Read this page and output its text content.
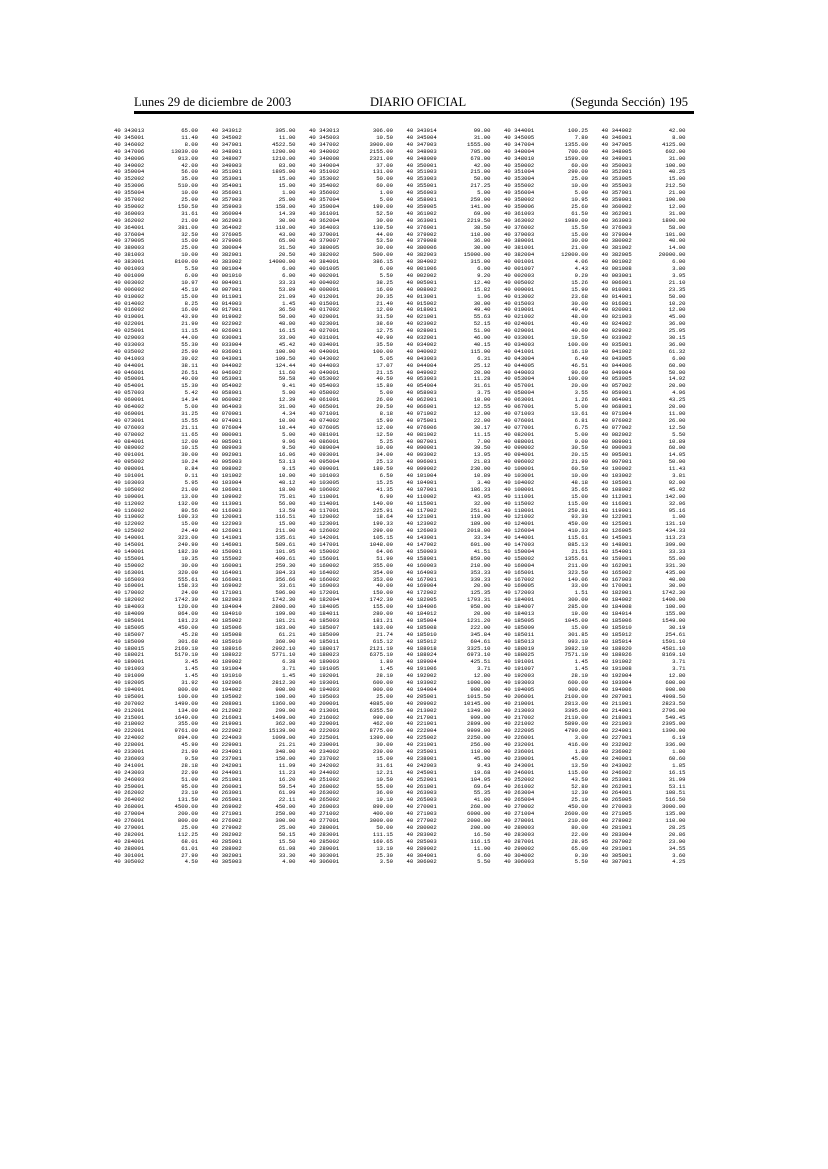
Lunes 29 de diciembre de 2003	DIARIO OFICIAL	(Segunda Sección) 195
40 343013	65.00 40 343012	305.00 40 343013	306.00 40 343014	99.00 40 344001	100.25 40 344002	42.00
40 345001	11.40 40 345002	11.00 40 345003	10.50 40 345004	31.00 40 345005	7.80 40 346001	8.00
40 346002	8.00 40 347001	4522.50 40 347002	3900.00 40 347003	1555.00 40 347004	1355.00 40 347005	4125.00
40 347006	13039.00 40 348001	1200.00 40 348002	2155.00 40 348003	705.00 40 348004	700.00 40 348005	692.00
40 348006	913.00 40 348007	1210.00 40 348008	2321.00 40 348009	678.00 40 348010	1590.00 40 349001	31.00
40 349002	42.00 40 349003	83.00 40 349004	37.00 40 350001	42.00 40 350002	60.00 40 350003	100.00
40 350004	56.00 40 351001	1895.00 40 351002	131.00 40 351003	215.00 40 351004	299.00 40 352001	40.25
40 352002	35.00 40 353001	15.00 40 353002	50.00 40 353003	50.00 40 353004	25.00 40 353005	15.00
40 353006	510.00 40 354001	15.00 40 354002	60.00 40 355001	217.25 40 355002	10.00 40 355003	212.50
40 355004	10.00 40 356001	1.00 40 356002	1.00 40 356003	5.00 40 356004	5.00 40 357001	21.00
40 357002	25.00 40 357003	25.00 40 357004	5.00 40 358001	259.00 40 358002	10.95 40 359001	190.00
40 359002	150.50 40 359003	158.00 40 359004	199.00 40 359005	141.00 40 359006	25.60 40 360002	12.00
40 360003	31.61 40 360004	14.39 40 361001	52.50 40 361002	69.00 40 361003	61.50 40 362001	31.00
40 362002	21.00 40 362003	30.00 40 362004	30.00 40 363001	2219.50 40 363002	1980.00 40 363003	1800.00
40 364001	381.00 40 364002	110.00 40 364003	139.50 40 376001	38.50 40 376002	15.50 40 376003	58.00
40 376004	32.50 40 376005	43.00 40 379001	44.00 40 379002	110.00 40 379003	15.00 40 379004	101.00
40 379005	15.00 40 379006	65.00 40 379007	53.50 40 379008	36.00 40 380001	30.00 40 380002	40.00
40 380003	25.00 40 380004	31.50 40 380005	30.00 40 380006	30.00 40 381001	21.00 40 381002	14.00
40 381003	10.00 40 382001	20.50 40 382002	500.00 40 382003	15000.00 40 382004	12000.00 40 382005	20000.00
40 383001	8100.00 40 383002	14000.00 40 384001	386.15 40 384002	315.00 40 001001	4.06 40 001002	6.00
40 001003	5.50 40 001004	6.00 40 001005	6.00 40 001006	6.00 40 001007	4.43 40 001008	3.80
40 001009	6.00 40 001010	6.00 40 002001	5.59 40 002002	9.20 40 002003	9.20 40 003001	3.95
40 003002	10.97 40 004001	33.33 40 004002	38.25 40 005001	12.40 40 005002	15.26 40 006001	21.10
40 006002	45.19 40 007001	53.89 40 008001	16.00 40 008002	15.82 40 009001	15.90 40 010001	23.35
40 010002	15.00 40 011001	21.09 40 012001	20.35 40 013001	1.96 40 013002	23.68 40 014001	50.00
40 014002	8.25 40 014003	1.45 40 015001	21.40 40 015002	30.00 40 015003	30.00 40 016001	10.20
40 016002	16.00 40 017001	36.50 40 017002	12.00 40 018001	49.40 40 019001	49.40 40 020001	12.00
40 019001	43.90 40 019002	50.00 40 020001	31.50 40 021001	55.63 40 021002	48.00 40 021003	45.00
40 022001	21.90 40 022002	48.00 40 023001	38.60 40 023002	52.15 40 024001	40.40 40 024002	36.00
40 025001	11.15 40 026001	16.15 40 027001	12.75 40 028001	51.90 40 029001	40.00 40 029002	25.95
40 029003	44.00 40 030001	33.90 40 031001	49.90 40 032001	46.90 40 033001	19.59 40 033002	30.15
40 033003	55.30 40 033004	45.42 40 034001	35.50 40 034002	40.15 40 034003	100.00 40 035001	36.00
40 035002	25.90 40 036001	100.00 40 040001	100.00 40 040002	115.90 40 041001	16.10 40 041002	61.32
40 041003	39.02 40 043001	109.50 40 043002	5.05 40 043003	6.31 40 043004	6.40 40 043005	6.00
40 044001	38.11 40 044002	124.44 40 044003	17.07 40 044004	25.12 40 044005	46.51 40 044006	60.00
40 046001	26.51 40 046002	11.60 40 049001	21.15 40 049002	20.00 40 049003	90.69 40 049004	50.00
40 050001	40.00 40 053001	59.58 40 053002	40.59 40 053003	11.28 40 053004	100.00 40 053005	14.92
40 054001	15.30 40 054002	9.41 40 054003	15.80 40 054004	31.61 40 057001	20.00 40 057002	20.00
40 057003	5.42 40 058001	5.00 40 058002	5.00 40 058003	3.75 40 058004	3.55 40 059001	4.96
40 060001	14.34 40 060002	12.39 40 061001	26.00 40 062001	10.00 40 063001	1.26 40 064001	43.25
40 064002	5.00 40 064003	31.90 40 065001	29.50 40 066001	12.55 40 067001	5.00 40 068001	20.00
40 069001	31.25 40 070001	4.34 40 071001	8.18 40 071002	12.00 40 071003	13.61 40 071004	11.00
40 073001	15.55 40 074001	10.00 40 074002	15.99 40 075001	22.00 40 076001	6.81 40 076002	26.00
40 076003	21.11 40 076004	10.44 40 076005	12.00 40 076006	30.17 40 077001	6.75 40 077002	12.50
40 078002	11.65 40 080001	5.00 40 081001	12.50 40 081002	11.15 40 082001	5.00 40 082002	5.50
40 084001	12.00 40 085001	9.96 40 086001	5.25 40 087001	7.00 40 088001	9.00 40 089001	10.89
40 089002	10.15 40 089003	9.50 40 089004	10.00 40 090001	39.50 40 090002	30.50 40 090003	60.00
40 091001	39.00 40 092001	16.06 40 093001	34.00 40 093002	13.95 40 094001	20.15 40 095001	14.05
40 095002	10.24 40 095003	53.13 40 095004	25.13 40 096001	21.83 40 096002	21.90 40 097001	50.00
40 098001	8.84 40 098002	9.15 40 099001	189.50 40 099002	230.00 40 100001	60.50 40 100002	11.43
40 101001	9.11 40 101002	10.00 40 101003	6.50 40 101004	10.89 40 103001	10.00 40 103002	3.81
40 103003	5.95 40 103004	48.12 40 103005	15.25 40 104001	3.40 40 104002	48.18 40 105001	92.00
40 105002	21.00 40 106001	18.00 40 106002	41.35 40 107001	186.33 40 108001	35.65 40 108002	45.92
40 109001	13.00 40 109002	75.81 40 110001	6.90 40 110002	43.95 40 111001	15.00 40 112001	142.00
40 112002	132.00 40 113001	56.00 40 114001	140.00 40 115001	32.00 40 115002	115.00 40 116001	32.06
40 116002	80.56 40 116003	13.59 40 117001	225.91 40 117002	251.43 40 118001	259.81 40 119001	95.16
40 119002	109.33 40 120001	116.51 40 120002	18.64 40 121001	119.00 40 121002	93.30 40 122001	1.00
40 122002	15.00 40 122003	15.00 40 123001	199.33 40 123002	189.00 40 124001	459.00 40 125001	131.10
40 125002	24.40 40 126001	211.00 40 126002	299.00 40 126003	2018.00 40 126004	410.33 40 126005	434.33
40 140001	323.00 40 141001	135.61 40 142001	105.15 40 143001	33.34 40 144001	115.61 40 145001	113.23
40 145001	249.90 40 146001	589.61 40 147001	1048.00 40 147002	691.00 40 147003	885.13 40 148001	399.00
40 149001	182.30 40 150001	101.95 40 150002	64.06 40 150003	41.51 40 150004	21.51 40 154001	33.33
40 155001	19.35 40 155002	499.61 40 156001	51.90 40 158001	859.00 40 158002	1355.61 40 159001	55.00
40 159002	30.00 40 160001	259.30 40 160002	355.00 40 160003	210.00 40 160004	211.00 40 162001	331.30
40 163001	320.00 40 164001	384.33 40 164002	354.00 40 164003	353.33 40 165001	323.50 40 165002	435.00
40 165003	555.61 40 166001	356.66 40 166002	353.00 40 167001	339.33 40 167002	140.06 40 167003	40.00
40 169001	158.33 40 169002	33.61 40 169003	40.00 40 169004	20.00 40 169005	33.00 40 170001	30.00
40 170002	24.00 40 171001	596.00 40 172001	150.00 40 172002	125.35 40 172003	1.51 40 182001	1742.30
40 182002	1742.30 40 182003	1742.30 40 182004	1742.30 40 182005	1793.31 40 184001	300.00 40 184002	1400.00
40 184003	120.00 40 184004	2800.00 40 184005	155.00 40 184006	950.00 40 184007	285.00 40 184008	100.00
40 184009	864.00 40 184010	199.00 40 184011	280.00 40 184012	20.00 40 184013	19.00 40 184014	155.00
40 185001	181.23 40 185002	181.21 40 185003	181.21 40 185004	1231.20 40 185005	1045.00 40 185006	1549.00
40 185005	450.00 40 185006	183.00 40 185007	183.00 40 185008	222.00 40 185009	15.09 40 185010	30.19
40 185007	45.28 40 185008	61.21 40 185009	21.74 40 185010	345.84 40 185011	301.85 40 185012	254.61
40 185009	301.68 40 185010	360.90 40 185011	615.12 40 185012	604.61 40 185013	993.10 40 185014	1591.10
40 188015	2169.10 40 188016	2992.10 40 188017	2121.10 40 188018	3325.10 40 188019	3982.10 40 188020	4581.10
40 188021	5179.10 40 188022	5771.10 40 188023	6375.10 40 188024	6973.10 40 188025	7571.10 40 188026	8169.10
40 189001	3.45 40 189002	6.38 40 189003	1.80 40 189004	425.51 40 191001	1.45 40 191002	3.71
40 191003	1.45 40 191004	3.71 40 191005	1.45 40 191006	3.71 40 191007	1.45 40 191008	3.71
40 191009	1.45 40 191010	1.45 40 192001	28.10 40 192002	12.80 40 192003	28.10 40 192004	12.80
40 192005	31.92 40 192006	2812.30 40 193001	600.00 40 193002	1000.00 40 193003	600.00 40 193004	600.00
40 194001	800.00 40 194002	900.00 40 194003	900.00 40 194004	900.00 40 194005	900.00 40 194006	900.00
40 195001	100.00 40 195002	100.00 40 195003	25.00 40 205001	1015.50 40 206001	2100.00 40 207001	4998.50
40 207002	1499.00 40 208001	1360.00 40 209001	4885.00 40 209002	10145.00 40 210001	2813.00 40 211001	2823.50
40 212001	134.00 40 212002	299.00 40 213001	6355.50 40 213002	1349.00 40 213003	3395.00 40 214001	2796.00
40 215001	1649.00 40 216001	1499.00 40 216002	999.00 40 217001	999.00 40 217002	2110.00 40 218001	549.45
40 218002	355.00 40 219001	362.00 40 220001	462.00 40 221001	2899.00 40 221002	5899.00 40 221003	2395.00
40 222001	9761.00 40 222002	15139.00 40 222003	8775.00 40 222004	9999.00 40 222005	4799.00 40 224001	1390.00
40 224002	894.00 40 224003	1099.00 40 225001	1399.00 40 225002	2250.00 40 226001	3.00 40 227001	6.19
40 228001	45.90 40 229001	21.21 40 230001	30.00 40 231001	256.00 40 232001	416.00 40 232002	336.00
40 233001	21.90 40 234001	348.00 40 234002	239.00 40 235001	110.00 40 236001	1.80 40 236002	1.80
40 236003	9.50 40 237001	150.00 40 237002	15.00 40 238001	45.00 40 239001	45.00 40 240001	60.60
40 241001	28.18 40 242001	11.99 40 242002	31.61 40 242003	9.43 40 243001	13.50 40 243002	1.85
40 243003	22.90 40 244001	11.23 40 244002	12.21 40 245001	19.68 40 246001	115.00 40 246002	16.15
40 246003	51.00 40 251001	16.20 40 251002	10.50 40 252001	104.95 40 252002	43.50 40 253001	31.99
40 259001	95.00 40 260001	59.54 40 260002	55.00 40 261001	69.64 40 261002	52.80 40 262001	53.11
40 262002	23.10 40 263001	61.99 40 263002	36.00 40 263003	55.35 40 263004	12.30 40 264001	108.51
40 264002	131.50 40 265001	22.11 40 265002	19.10 40 265003	41.80 40 265004	25.10 40 265005	516.50
40 268001	4500.00 40 269002	450.00 40 269003	899.00 40 270001	260.00 40 270002	450.00 40 270003	3000.00
40 270004	200.00 40 271001	250.00 40 271002	400.00 40 271003	6000.00 40 271004	2600.00 40 271005	135.00
40 276001	800.00 40 276002	300.00 40 277001	3000.00 40 277002	2000.00 40 278001	210.00 40 278002	110.00
40 279001	25.00 40 279002	25.00 40 280001	50.00 40 280002	200.00 40 280003	80.00 40 281001	28.25
40 282001	112.25 40 282002	50.15 40 283001	111.15 40 283002	16.50 40 283003	22.00 40 283004	20.86
40 284001	68.01 40 285001	15.50 40 285002	169.65 40 285003	116.15 40 287001	28.95 40 287002	23.90
40 288001	61.01 40 288002	61.98 40 289001	13.10 40 289002	11.90 40 290002	65.00 40 291001	34.55
40 301001	27.90 40 302001	33.30 40 303001	25.30 40 304001	6.60 40 304002	9.30 40 305001	3.60
40 305002	4.50 40 305003	4.00 40 306001	3.50 40 306002	5.50 40 306003	5.50 40 307001	4.25
